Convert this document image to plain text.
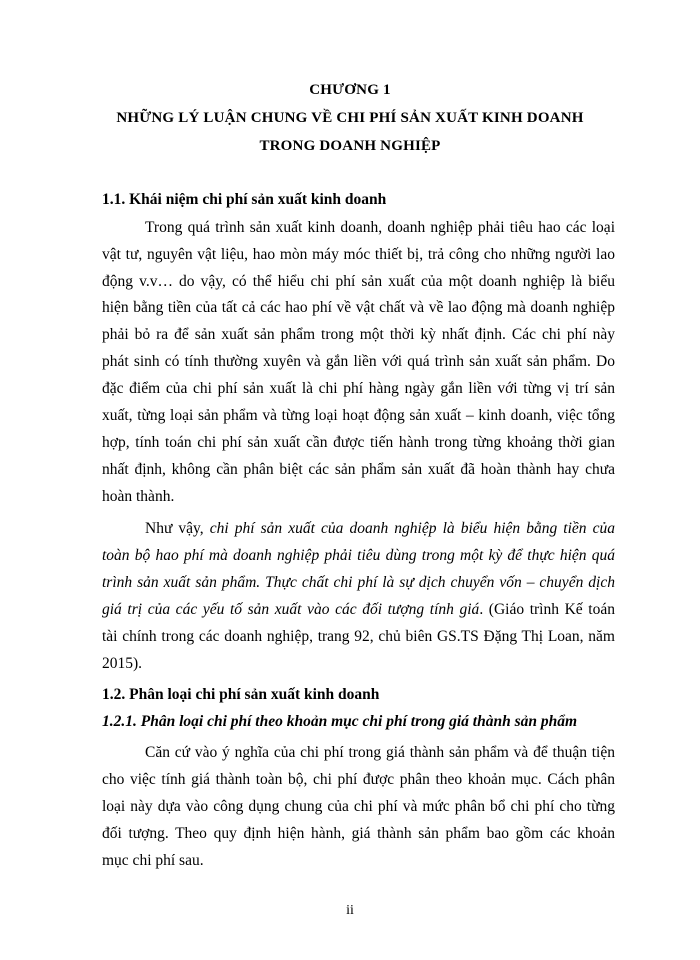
CHƯƠNG 1
NHỮNG LÝ LUẬN CHUNG VỀ CHI PHÍ SẢN XUẤT KINH DOANH
TRONG DOANH NGHIỆP
1.1. Khái niệm chi phí sản xuất kinh doanh
Trong quá trình sản xuất kinh doanh, doanh nghiệp phải tiêu hao các loại
vật tư, nguyên vật liệu, hao mòn máy móc thiết bị, trả công cho những người lao
động v.v… do vậy, có thể hiểu chi phí sản xuất của một doanh nghiệp là biểu
hiện bằng tiền của tất cả các hao phí về vật chất và về lao động mà doanh nghiệp
phải bỏ ra để sản xuất sản phẩm trong một thời kỳ nhất định. Các chi phí này
phát sinh có tính thường xuyên và gắn liền với quá trình sản xuất sản phẩm. Do
đặc điểm của chi phí sản xuất là chi phí hàng ngày gắn liền với từng vị trí sản
xuất, từng loại sản phẩm và từng loại hoạt động sản xuất – kinh doanh, việc tổng
hợp, tính toán chi phí sản xuất cần được tiến hành trong từng khoảng thời gian
nhất định, không cần phân biệt các sản phẩm sản xuất đã hoàn thành hay chưa
hoàn thành.
Như vậy, chi phí sản xuất của doanh nghiệp là biểu hiện bằng tiền của
toàn bộ hao phí mà doanh nghiệp phải tiêu dùng trong một kỳ để thực hiện quá
trình sản xuất sản phẩm. Thực chất chi phí là sự dịch chuyển vốn – chuyển dịch
giá trị của các yếu tố sản xuất vào các đối tượng tính giá. (Giáo trình Kế toán
tài chính trong các doanh nghiệp, trang 92, chủ biên GS.TS Đặng Thị Loan, năm
2015).
1.2. Phân loại chi phí sản xuất kinh doanh
1.2.1. Phân loại chi phí theo khoản mục chi phí trong giá thành sản phẩm
Căn cứ vào ý nghĩa của chi phí trong giá thành sản phẩm và để thuận tiện
cho việc tính giá thành toàn bộ, chi phí được phân theo khoản mục. Cách phân
loại này dựa vào công dụng chung của chi phí và mức phân bổ chi phí cho từng
đối tượng. Theo quy định hiện hành, giá thành sản phẩm bao gồm các khoản
mục chi phí sau.
ii
